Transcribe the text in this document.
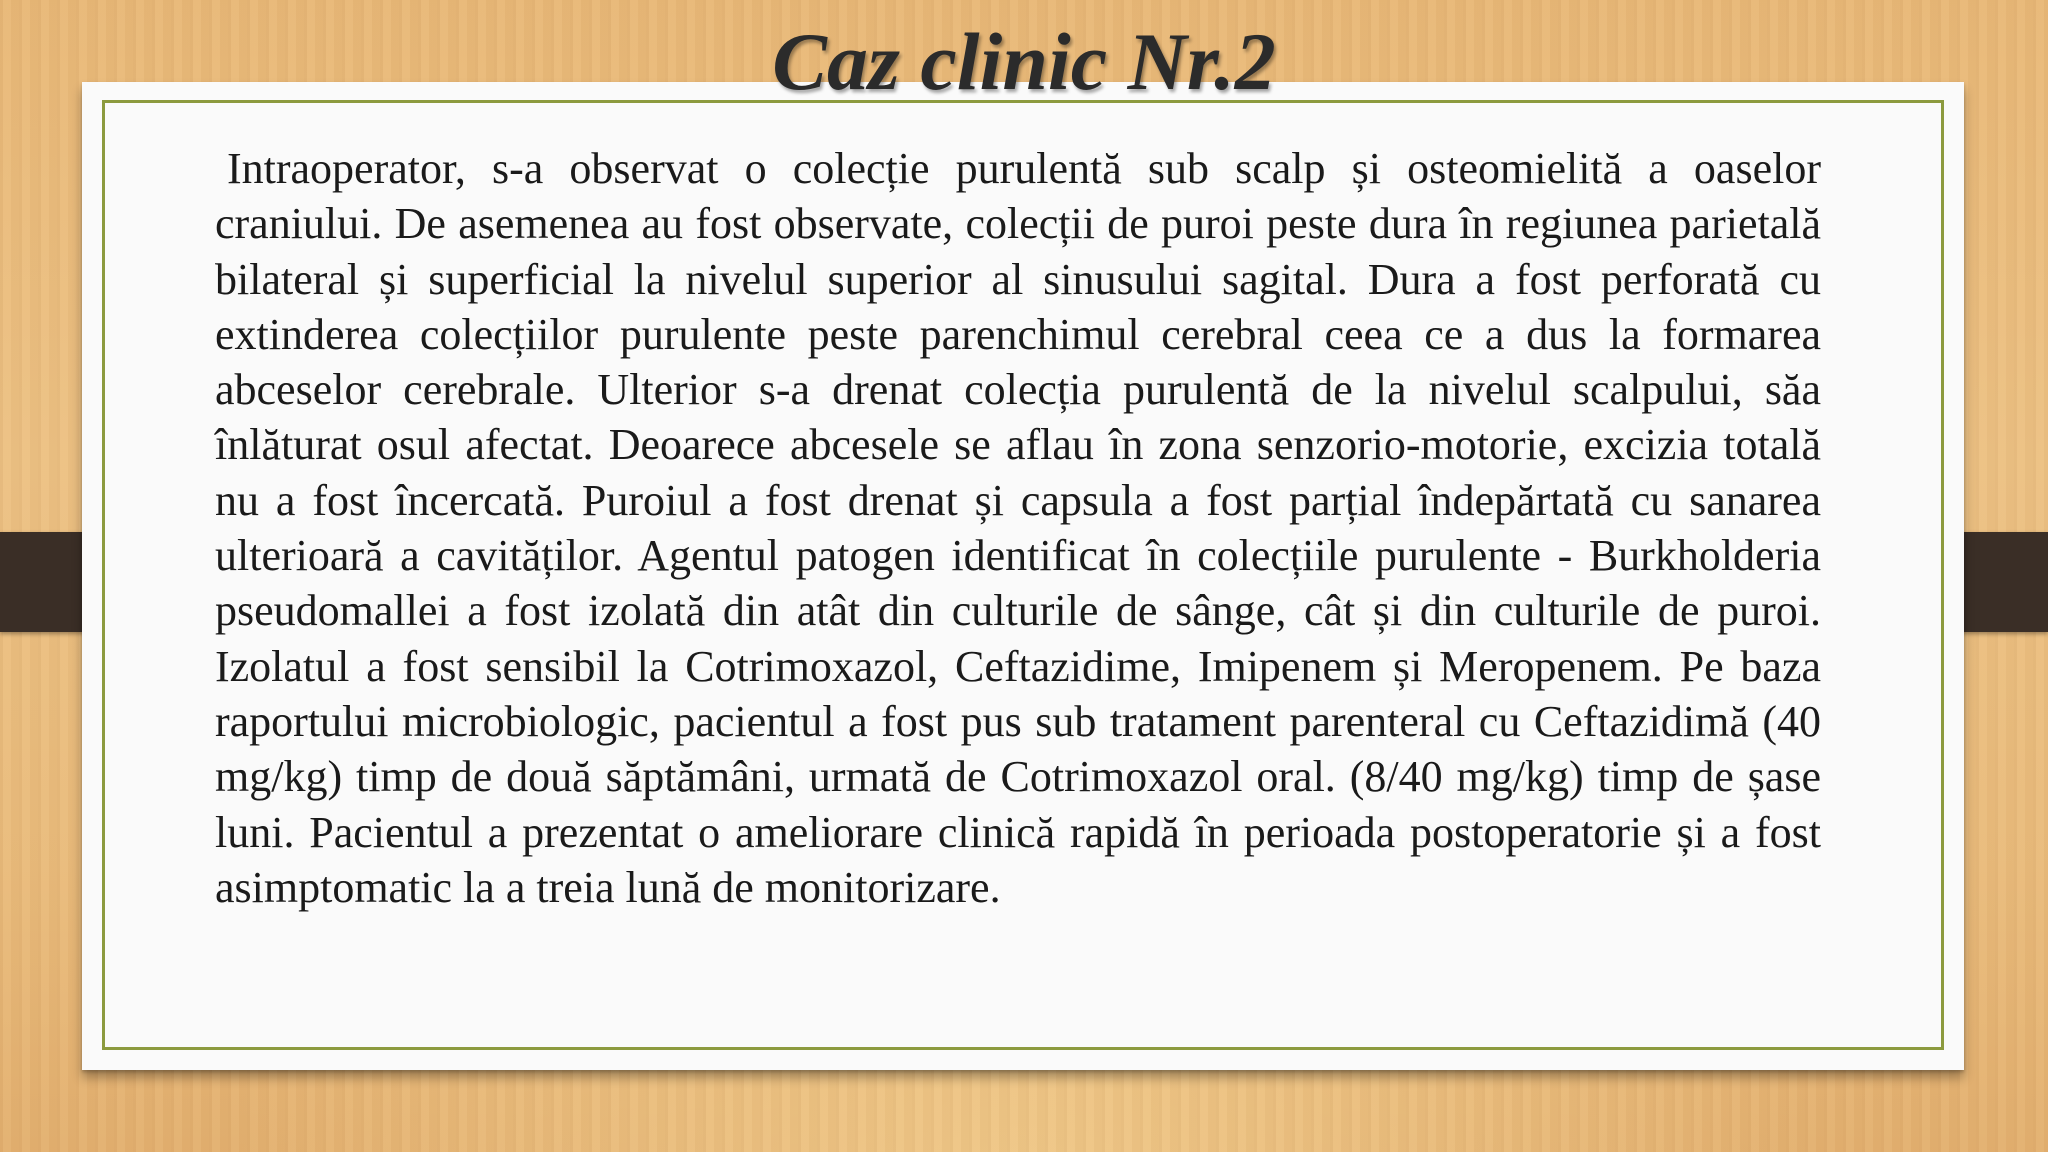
Caz clinic Nr.2

Intraoperator, s-a observat o colecție purulentă sub scalp și osteomielită a oaselor craniului. De asemenea au fost observate, colecții de puroi peste dura în regiunea parietală bilateral și superficial la nivelul superior al sinusului sagital. Dura a fost perforată cu extinderea colecțiilor purulente peste parenchimul cerebral ceea ce a dus la formarea abceselor cerebrale. Ulterior s-a drenat colecția purulentă de la nivelul scalpului, săa înlăturat osul afectat. Deoarece abcesele se aflau în zona senzorio-motorie, excizia totală nu a fost încercată. Puroiul a fost drenat și capsula a fost parțial îndepărtată cu sanarea ulterioară a cavităților. Agentul patogen identificat în colecțiile purulente - Burkholderia pseudomallei a fost izolată din atât din culturile de sânge, cât și din culturile de puroi. Izolatul a fost sensibil la Cotrimoxazol, Ceftazidime, Imipenem și Meropenem. Pe baza raportului microbiologic, pacientul a fost pus sub tratament parenteral cu Ceftazidimă (40 mg/kg) timp de două săptămâni, urmată de Cotrimoxazol oral. (8/40 mg/kg) timp de șase luni. Pacientul a prezentat o ameliorare clinică rapidă în perioada postoperatorie și a fost asimptomatic la a treia lună de monitorizare.
